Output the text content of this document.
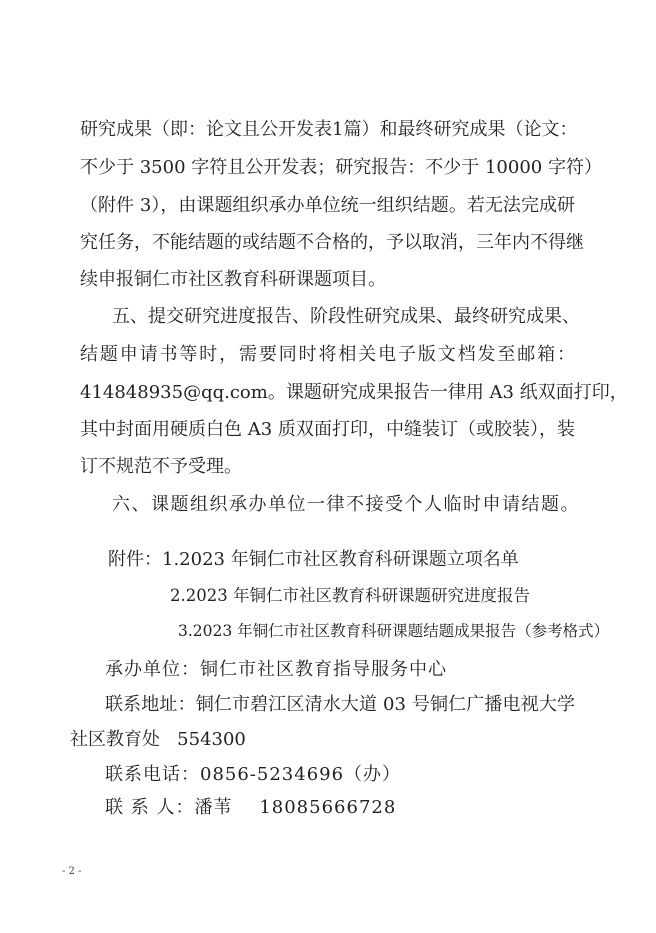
研究成果（即：论文且公开发表1篇）和最终研究成果（论文：
不少于 3500 字符且公开发表；研究报告：不少于 10000 字符）
（附件 3），由课题组织承办单位统一组织结题。若无法完成研
究任务，不能结题的或结题不合格的，予以取消，三年内不得继
续申报铜仁市社区教育科研课题项目。
五、提交研究进度报告、阶段性研究成果、最终研究成果、
结题申请书等时，需要同时将相关电子版文档发至邮箱：
414848935@qq.com。课题研究成果报告一律用 A3 纸双面打印，
其中封面用硬质白色 A3 质双面打印，中缝装订（或胶装），装
订不规范不予受理。
六、课题组织承办单位一律不接受个人临时申请结题。
附件： 1.2023 年铜仁市社区教育科研课题立项名单
2.2023 年铜仁市社区教育科研课题研究进度报告
3.2023 年铜仁市社区教育科研课题结题成果报告（参考格式）
承办单位：铜仁市社区教育指导服务中心
联系地址：铜仁市碧江区清水大道 03 号铜仁广播电视大学
社区教育处   554300
联系电话：0856-5234696（办）
联 系 人：潘苇    18085666728
- 2 -
